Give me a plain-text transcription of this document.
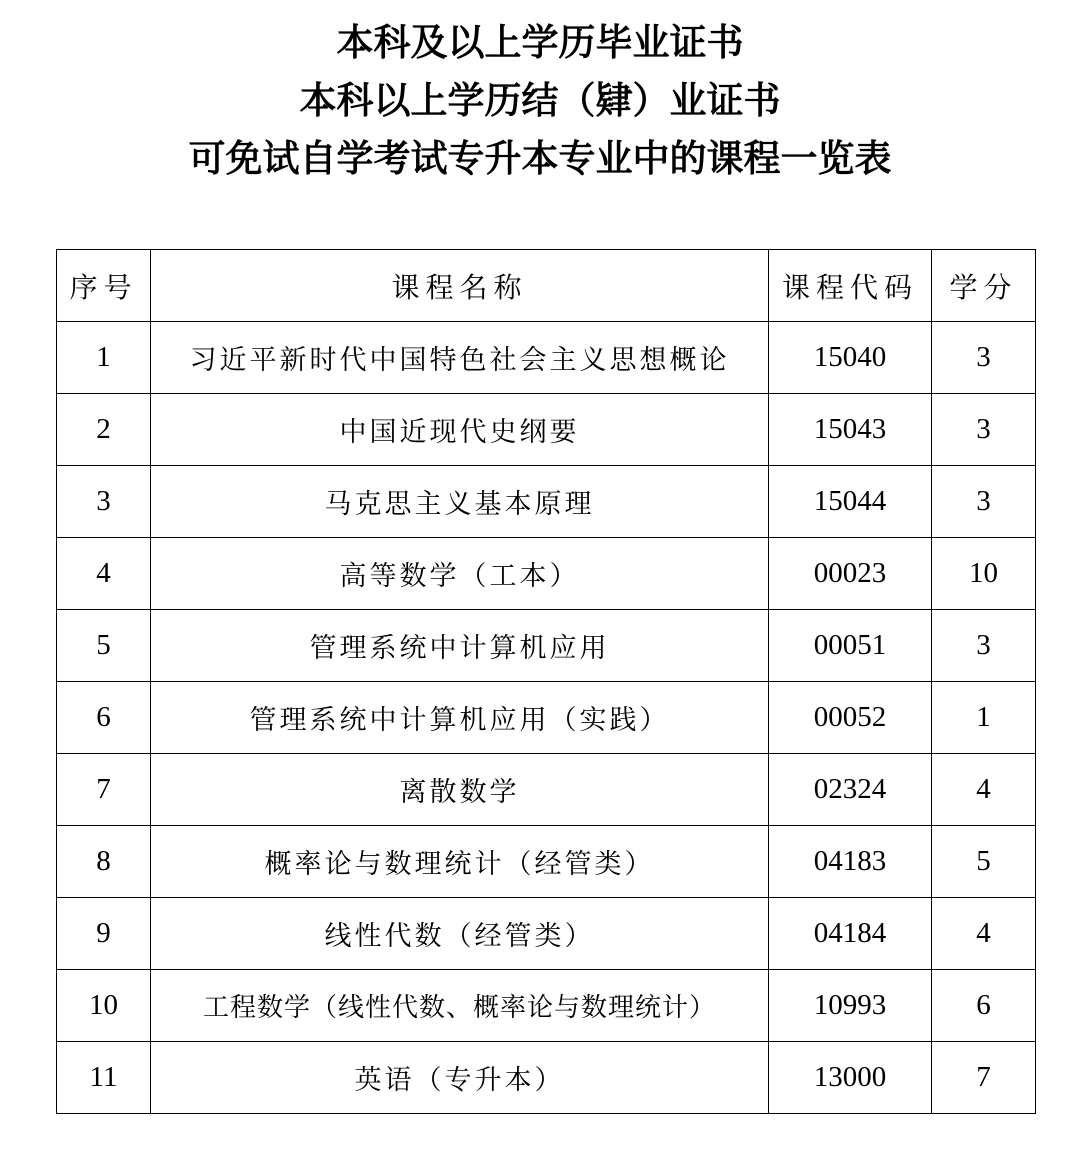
本科及以上学历毕业证书
本科以上学历结（肄）业证书
可免试自学考试专升本专业中的课程一览表
序号	课程名称	课程代码	学分
1	习近平新时代中国特色社会主义思想概论	15040	3
2	中国近现代史纲要	15043	3
3	马克思主义基本原理	15044	3
4	高等数学（工本）	00023	10
5	管理系统中计算机应用	00051	3
6	管理系统中计算机应用（实践）	00052	1
7	离散数学	02324	4
8	概率论与数理统计（经管类）	04183	5
9	线性代数（经管类）	04184	4
10	工程数学（线性代数、概率论与数理统计）	10993	6
11	英语（专升本）	13000	7
